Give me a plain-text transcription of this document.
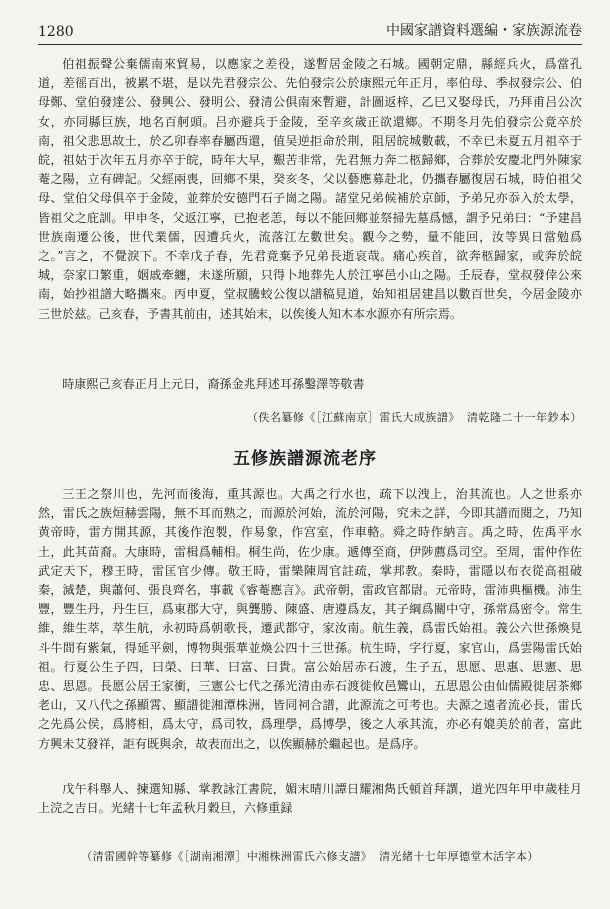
1280	中國家譜資料選編・家族源流卷

伯祖振聲公棄儒南來貿易，以應家之差役，遂暫居金陵之石城。國朝定鼎，縣經兵火，爲當孔道，差徭百出，被累不堪，是以先君發宗公、先伯發宗公於康熙元年正月，率伯母、季叔發宗公、伯母鄭、堂伯發達公、發興公、發明公、發清公俱南來暫避，計圖返梓，乙巳又娶母氏，乃拜甫吕公次女，亦同縣巨族，地名百舸頭。吕亦避兵于金陵，至辛亥歲正欲還鄉。不期冬月先伯發宗公竟卒於南，祖父悲思故土，於乙卯春率春屬西還，值吴逆拒命於荆，阻居皖城數載，不幸已未夏五月祖卒于皖，祖姑于次年五月亦卒于皖，時年大早，艱苦非常，先君無力奔二柩歸鄉，合葬於安慶北門外陳家菴之陽，立有碑記。父經兩喪，回鄉不果，癸亥冬，父以藝應募赴北，仍攜春屬復居石城，時伯祖父母、堂伯父母俱卒于金陵，並葬於安德門石子崗之陽。諸堂兄弟候補於京師，予弟兄亦忝入於太學，皆祖父之庇訓。甲申冬，父返江寧，已抱老恙，每以不能回鄉並祭掃先墓爲憾，謂予兄弟曰：“予建昌世族南遷公後，世代業儒，因遭兵火，流落江左數世矣。觀今之勢，量不能回，汝等異日當勉爲之。”言之，不覺淚下。不幸戊子春，先君竟棄予兄弟長逝哀哉。痛心疾首，欲奔柩歸家，或奔於皖城，奈家口繁重，姻戚牽纏，未遂所願，只得卜地葬先人於江寧邑小山之陽。壬辰春，堂叔發倖公來南，始抄祖譜大略攜來。丙申夏，堂叔騰蛟公復以譜稿見道，始知祖居建昌以數百世矣，今居金陵亦三世於兹。己亥春，予書其前由，述其始末，以俟後人知木本水源亦有所宗焉。

時康熙己亥春正月上元日，裔孫金兆拜述耳孫鑿澤等敬書
（佚名纂修《［江蘇南京］雷氏大成族譜》 清乾隆二十一年鈔本）
五修族譜源流老序

三王之祭川也，先河而後海，重其源也。大禹之行水也，疏下以洩上，治其流也。人之世系亦然，雷氏之族烜赫雲陽，無不耳而熟之，而源於河始，流於河陽，究未之詳，今即其譜而閱之，乃知黄帝時，雷方開其源，其後作泡製，作易象，作宫室，作車輅。舜之時作納言。禹之時，佐禹平水土，此其苗裔。大康時，雷楫爲輔相。桐生尚，佐少康。遞傳至商，伊陟薦爲司空。至周，雷仲作佐武定天下，穆王時，雷匡官少傳。敬王時，雷樂陳周官註疏，掌邦教。秦時，雷隱以布衣從高祖破秦，滅楚，與蕭何、張良齊名，事載《睿菴應言》。武帝朝，雷政官都尉。元帝時，雷沛典樞機。沛生豐，豐生丹，丹生巨，爲東郡大守，與龔勝、陳盛、唐遵爲友，其子綱爲關中守，孫常爲密令。常生維，維生萃，萃生航，永初時爲朝歌長，遷武都守，家汝南。航生義，爲雷氏始祖。義公六世孫煥見斗牛間有紫氣，得延平劍，博物與張華並煥公四十三世孫。杭生時，字行夏，家官山，爲雲陽雷氏始祖。行夏公生子四，曰榮、曰華、曰富、曰貴。富公始居赤石渡，生子五，思愿、思惠、思憲、思忠、思恩。長愿公居王家衝，三憲公七代之孫光清由赤石渡徙攸邑鸞山，五思恩公由仙儒殿徙居茶鄉老山，又八代之孫顯霄、顯譜徙湘潭株洲，皆同祠合譜，此源流之可考也。夫源之遠者流必長，雷氏之先爲公侯，爲將相，爲太守，爲司牧，爲理學，爲博學，後之人承其流，亦必有媲美於前者，富此方興未艾發祥，詎有既與余，故表而出之，以俟顯赫於繼起也。是爲序。

戊午科舉人、揀選知縣、掌教詠江書院，媚末晴川譚日耀湘雋氏頓首拜譔，道光四年甲申歲桂月上浣之吉日。光緒十七年孟秋月穀旦，六修重録

（清雷國幹等纂修《［湖南湘潭］中湘株洲雷氏六修支譜》 清光緒十七年厚德堂木活字本）
